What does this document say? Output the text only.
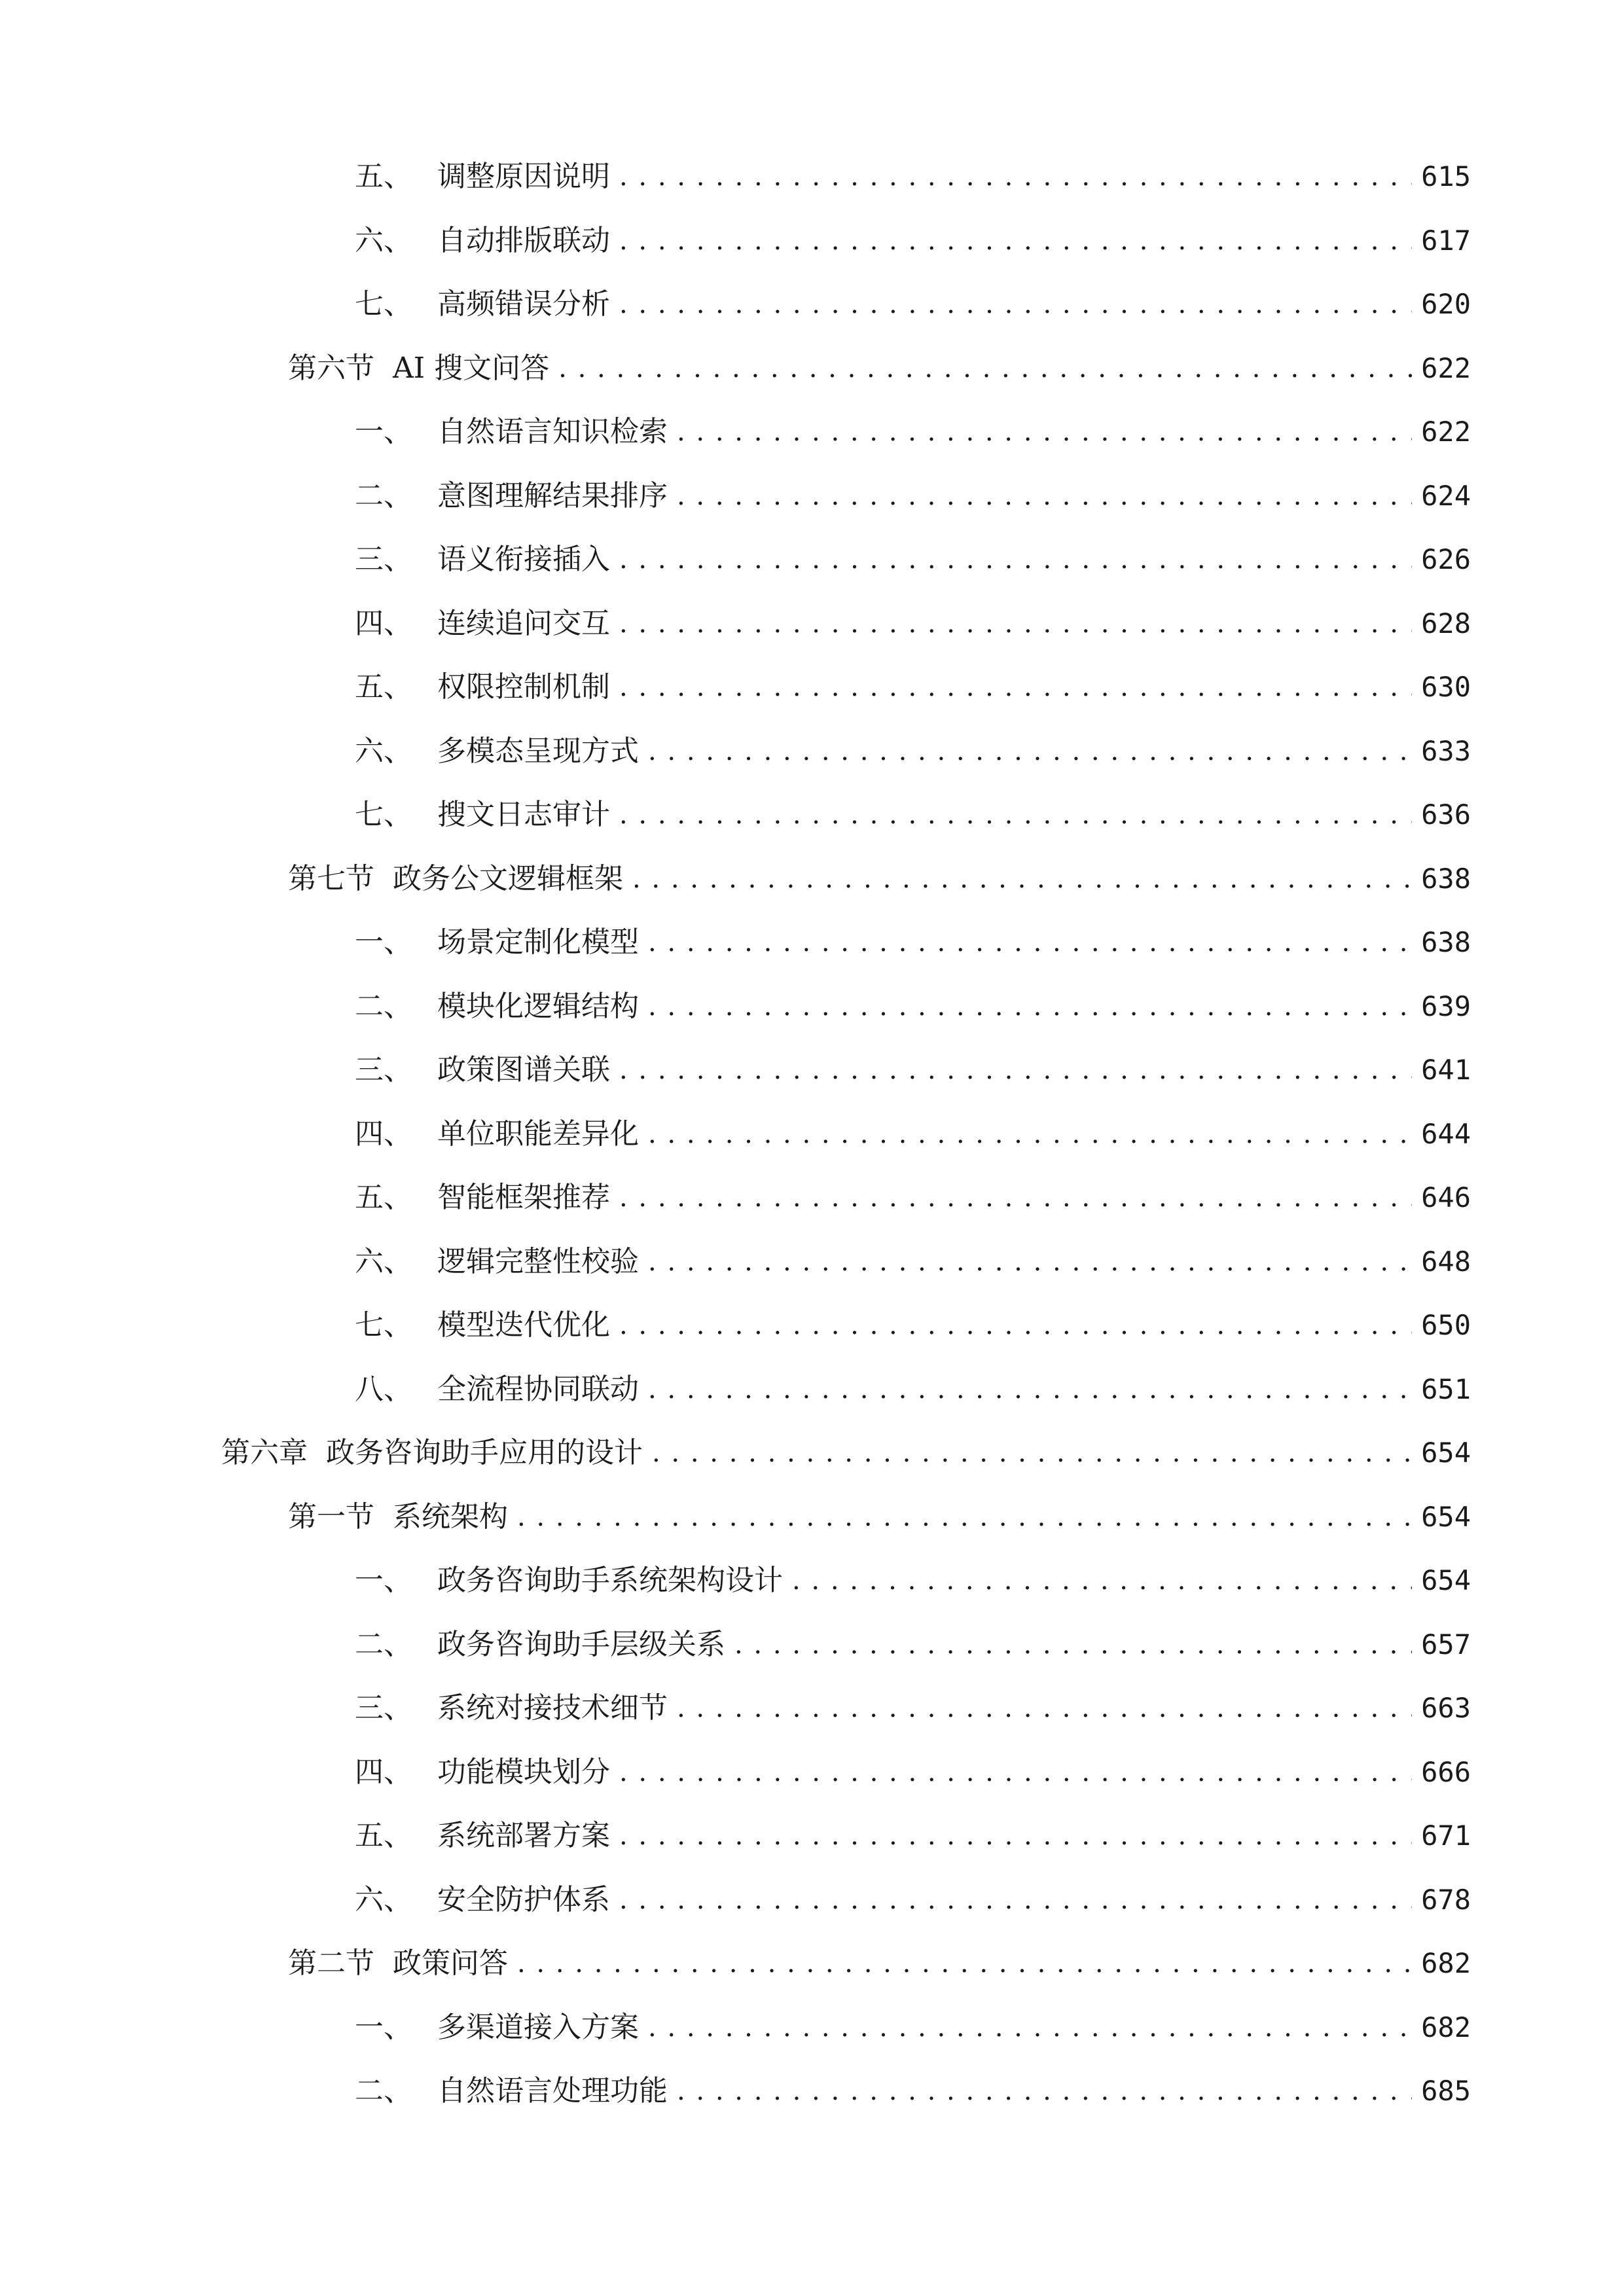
五、 调整原因说明 . . .	615
六、 自动排版联动 . . .	617
七、 高频错误分析 . . .	620
第六节 AI 搜文问答 . . .	622
一、 自然语言知识检索 . . .	622
二、 意图理解结果排序 . . .	624
三、 语义衔接插入 . . .	626
四、 连续追问交互 . . .	628
五、 权限控制机制 . . .	630
六、 多模态呈现方式 . . .	633
七、 搜文日志审计 . . .	636
第七节 政务公文逻辑框架 . . .	638
一、 场景定制化模型 . . .	638
二、 模块化逻辑结构 . . .	639
三、 政策图谱关联 . . .	641
四、 单位职能差异化 . . .	644
五、 智能框架推荐 . . .	646
六、 逻辑完整性校验 . . .	648
七、 模型迭代优化 . . .	650
八、 全流程协同联动 . . .	651
第六章 政务咨询助手应用的设计 . . .	654
第一节 系统架构 . . .	654
一、 政务咨询助手系统架构设计 . . .	654
二、 政务咨询助手层级关系 . . .	657
三、 系统对接技术细节 . . .	663
四、 功能模块划分 . . .	666
五、 系统部署方案 . . .	671
六、 安全防护体系 . . .	678
第二节 政策问答 . . .	682
一、 多渠道接入方案 . . .	682
二、 自然语言处理功能 . . .	685
